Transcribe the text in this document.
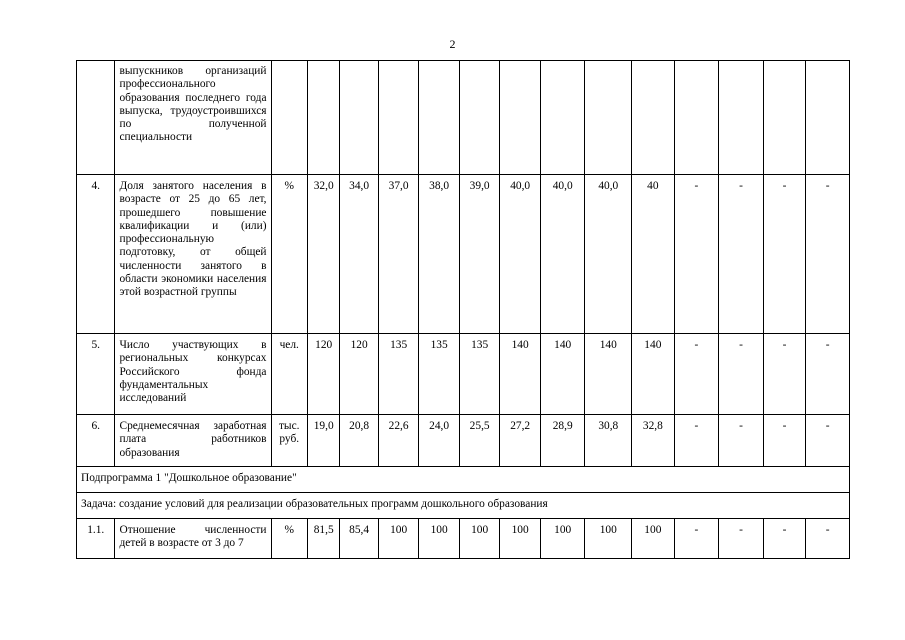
2
	выпускников организаций профессионального образования последнего года выпуска, трудоустроившихся по полученной специальности														
4.	Доля занятого населения в возрасте от 25 до 65 лет, прошедшего повышение квалификации и (или) профессиональную подготовку, от общей численности занятого в области экономики населения этой возрастной группы	%	32,0	34,0	37,0	38,0	39,0	40,0	40,0	40,0	40	-	-	-	-
5.	Число участвующих в региональных конкурсах Российского фонда фундаментальных исследований	чел.	120	120	135	135	135	140	140	140	140	-	-	-	-
6.	Среднемесячная заработная плата работников образования	тыс. руб.	19,0	20,8	22,6	24,0	25,5	27,2	28,9	30,8	32,8	-	-	-	-
Подпрограмма 1 "Дошкольное образование"															
Задача: создание условий для реализации образовательных программ дошкольного образования															
1.1.	Отношение численности детей в возрасте от 3 до 7	%	81,5	85,4	100	100	100	100	100	100	100	-	-	-	-
